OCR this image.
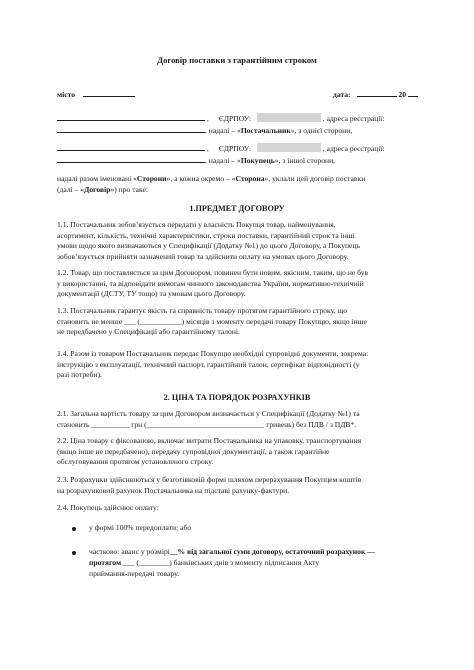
Договір поставки з гарантійним строком
місто	дата:	20
, ЄДРПОУ:	, адреса реєстрації:
, надалі – «Постачальник», з однієї сторони,
, ЄДРПОУ:	, адреса реєстрації:
, надалі – «Покупець», з іншої сторони,
надалі разом іменовані «Сторони», а кожна окремо – «Сторона», уклали цей договір поставки
(далі – «Договір») про таке:
1.ПРЕДМЕТ ДОГОВОРУ
1.1. Постачальник зобов’язується передати у власність Покупця товар, найменування,
асортимент, кількість, технічні характеристики, строки поставки, гарантійний строк та інші
умови щодо якого визначаються у Специфікації (Додатку №1) до цього Договору, а Покупець
зобов’язується прийняти зазначений товар та здійснити оплату на умовах цього Договору.
1.2. Товар, що поставляється за цим Договором, повинен бути новим, якісним, таким, що не був
у використанні, та відповідати вимогам чинного законодавства України, нормативно-технічній
документації (ДСТУ, ТУ тощо) та умовам цього Договору.
1.3. Постачальник гарантує якість та справність товару протягом гарантійного строку, що
становить не менше ___ (___________) місяців з моменту передачі товару Покупцю, якщо інше
не передбачено у Специфікації або гарантійному талоні.
1.4. Разом із товаром Постачальник передає Покупцю необхідні супровідні документи, зокрема:
інструкцію з експлуатації, технічний паспорт, гарантійний талон, сертифікат відповідності (у
разі потреби).
2. ЦІНА ТА ПОРЯДОК РОЗРАХУНКІВ
2.1. Загальна вартість товару за цим Договором визначається у Специфікації (Додатку №1) та
становить __________ грн (_______________________________ гривень) без ПДВ / з ПДВ*.
2.2. Ціна товару є фіксованою, включає витрати Постачальника на упаковку, транспортування
(якщо інше не передбачено), передачу супровідної документації, а також гарантійне
обслуговування протягом установленого строку.
2.3. Розрахунки здійснюються у безготівковій формі шляхом перерахування Покупцем коштів
на розрахунковий рахунок Постачальника на підставі рахунку-фактури.
2.4. Покупець здійснює оплату:
у формі 100% передоплати; або
частково: аванс у розмірі__% від загальної суми договору, остаточний розрахунок —
протягом ___ (________) банківських днів з моменту підписання Акту
приймання-передачі товару.
